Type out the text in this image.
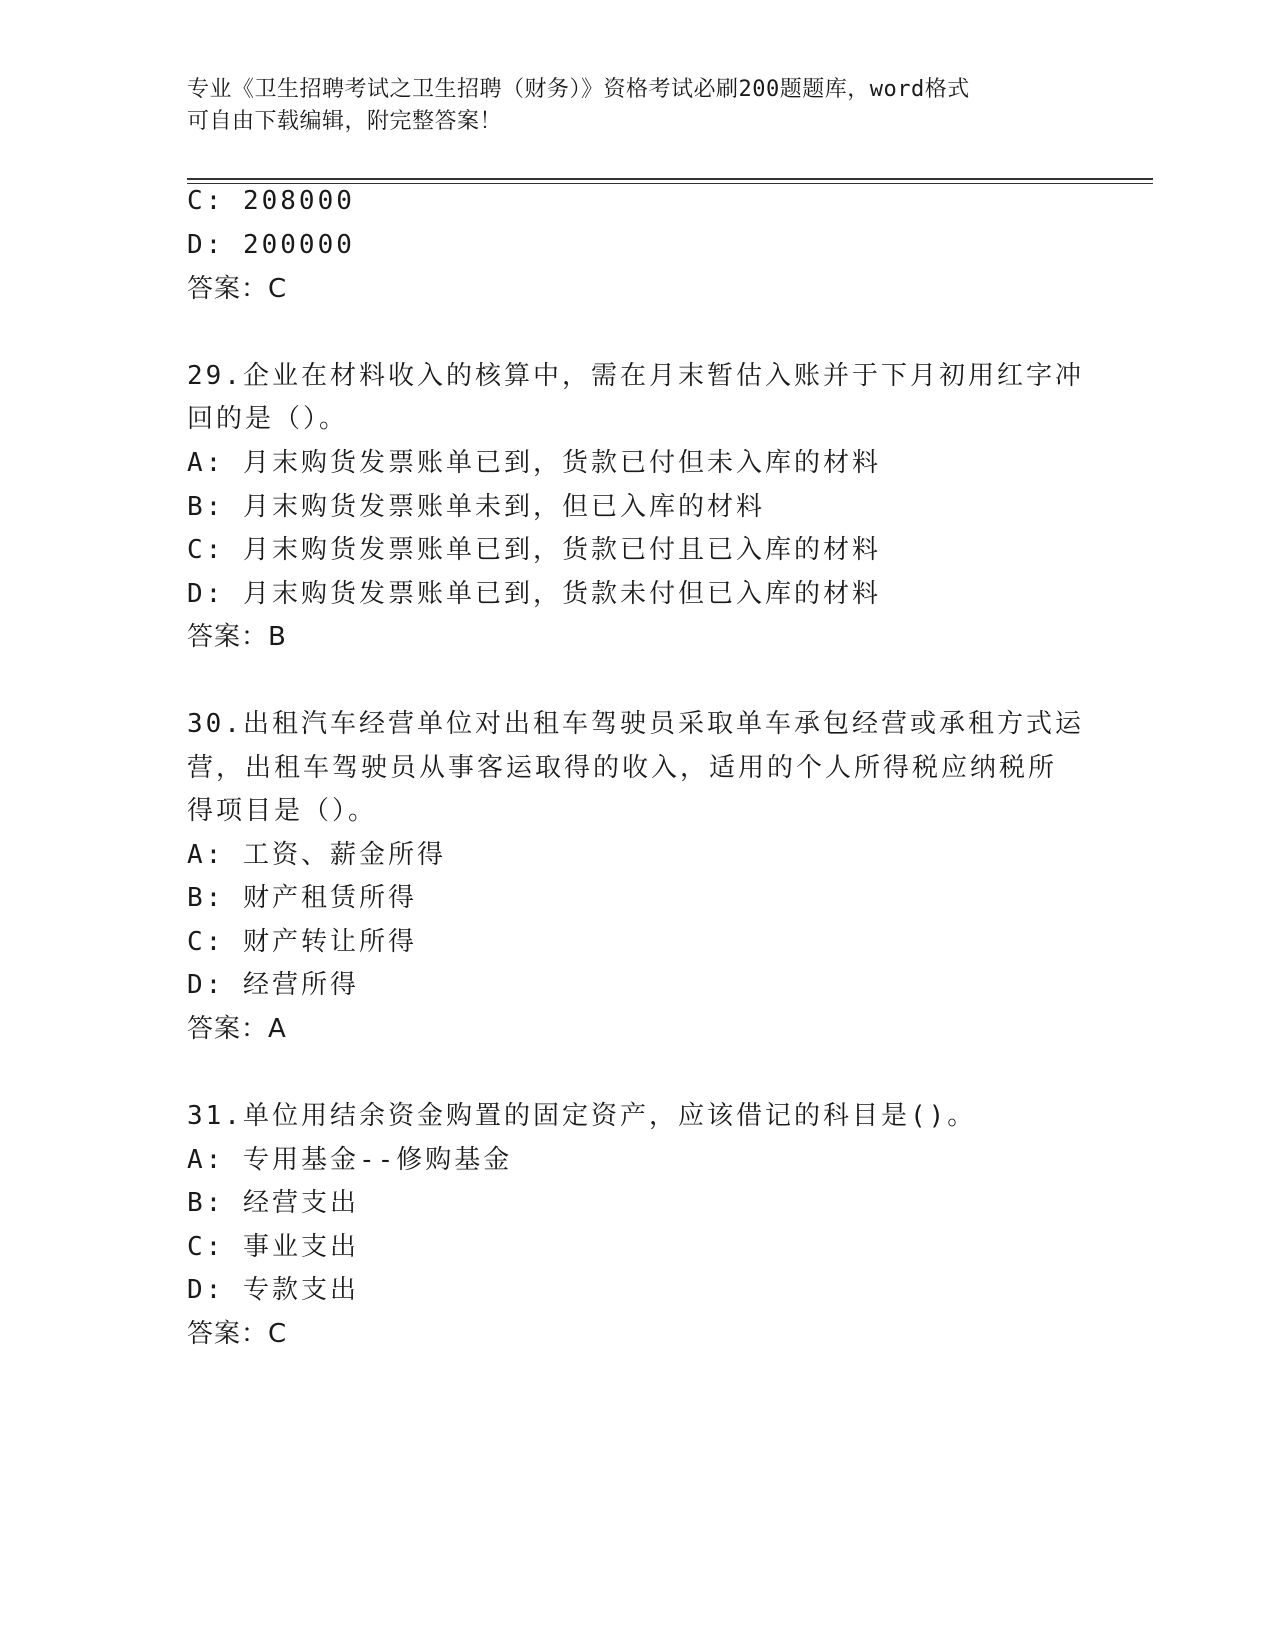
专业《卫生招聘考试之卫生招聘（财务）》资格考试必刷200题题库，word格式
可自由下载编辑，附完整答案！
C: 208000
D: 200000
答案：C
29.企业在材料收入的核算中，需在月末暂估入账并于下月初用红字冲
回的是（）。
A: 月末购货发票账单已到，货款已付但未入库的材料
B: 月末购货发票账单未到，但已入库的材料
C: 月末购货发票账单已到，货款已付且已入库的材料
D: 月末购货发票账单已到，货款未付但已入库的材料
答案：B
30.出租汽车经营单位对出租车驾驶员采取单车承包经营或承租方式运
营，出租车驾驶员从事客运取得的收入，适用的个人所得税应纳税所
得项目是（）。
A: 工资、薪金所得
B: 财产租赁所得
C: 财产转让所得
D: 经营所得
答案：A
31.单位用结余资金购置的固定资产，应该借记的科目是()。
A: 专用基金--修购基金
B: 经营支出
C: 事业支出
D: 专款支出
答案：C
